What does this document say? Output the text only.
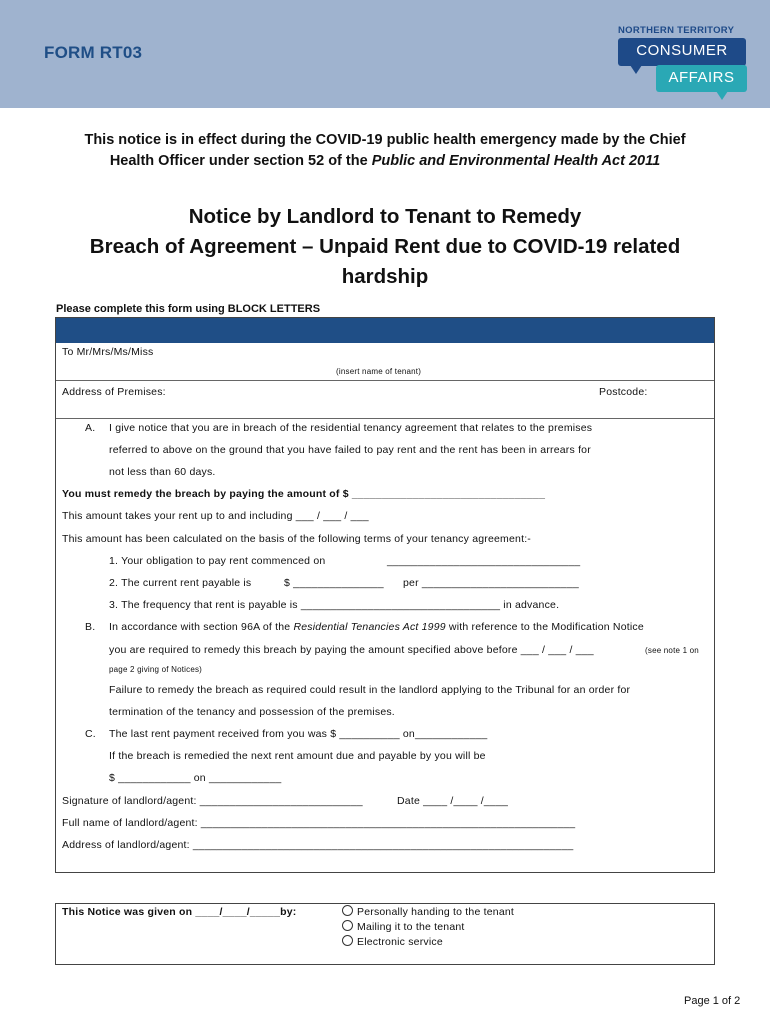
FORM RT03
NORTHERN TERRITORY
CONSUMER
AFFAIRS
This notice is in effect during the COVID-19 public health emergency made by the Chief
Health Officer under section 52 of the Public and Environmental Health Act 2011
Notice by Landlord to Tenant to Remedy
Breach of Agreement – Unpaid Rent due to COVID-19 related
hardship
Please complete this form using BLOCK LETTERS
To Mr/Mrs/Ms/Miss
(insert name of tenant)
Address of Premises:	Postcode:
A. I give notice that you are in breach of the residential tenancy agreement that relates to the premises
referred to above on the ground that you have failed to pay rent and the rent has been in arrears for
not less than 60 days.
You must remedy the breach by paying the amount of $ ________________________________
This amount takes your rent up to and including ___ / ___ / ___
This amount has been calculated on the basis of the following terms of your tenancy agreement:-
1. Your obligation to pay rent commenced on	________________________________
2. The current rent payable is	$ _______________ per __________________________
3. The frequency that rent is payable is _________________________________ in advance.
B. In accordance with section 96A of the Residential Tenancies Act 1999 with reference to the Modification Notice
you are required to remedy this breach by paying the amount specified above before ___ / ___ / ___	(see note 1 on
page 2 giving of Notices)
Failure to remedy the breach as required could result in the landlord applying to the Tribunal for an order for
termination of the tenancy and possession of the premises.
C. The last rent payment received from you was $ __________ on____________
If the breach is remedied the next rent amount due and payable by you will be
$ ____________ on ____________
Signature of landlord/agent: ___________________________	Date ____ /____ /____
Full name of landlord/agent: ______________________________________________________________
Address of landlord/agent: _______________________________________________________________
This Notice was given on ____/____/_____by:	Personally handing to the tenant
Mailing it to the tenant
Electronic service
Page 1 of 2
